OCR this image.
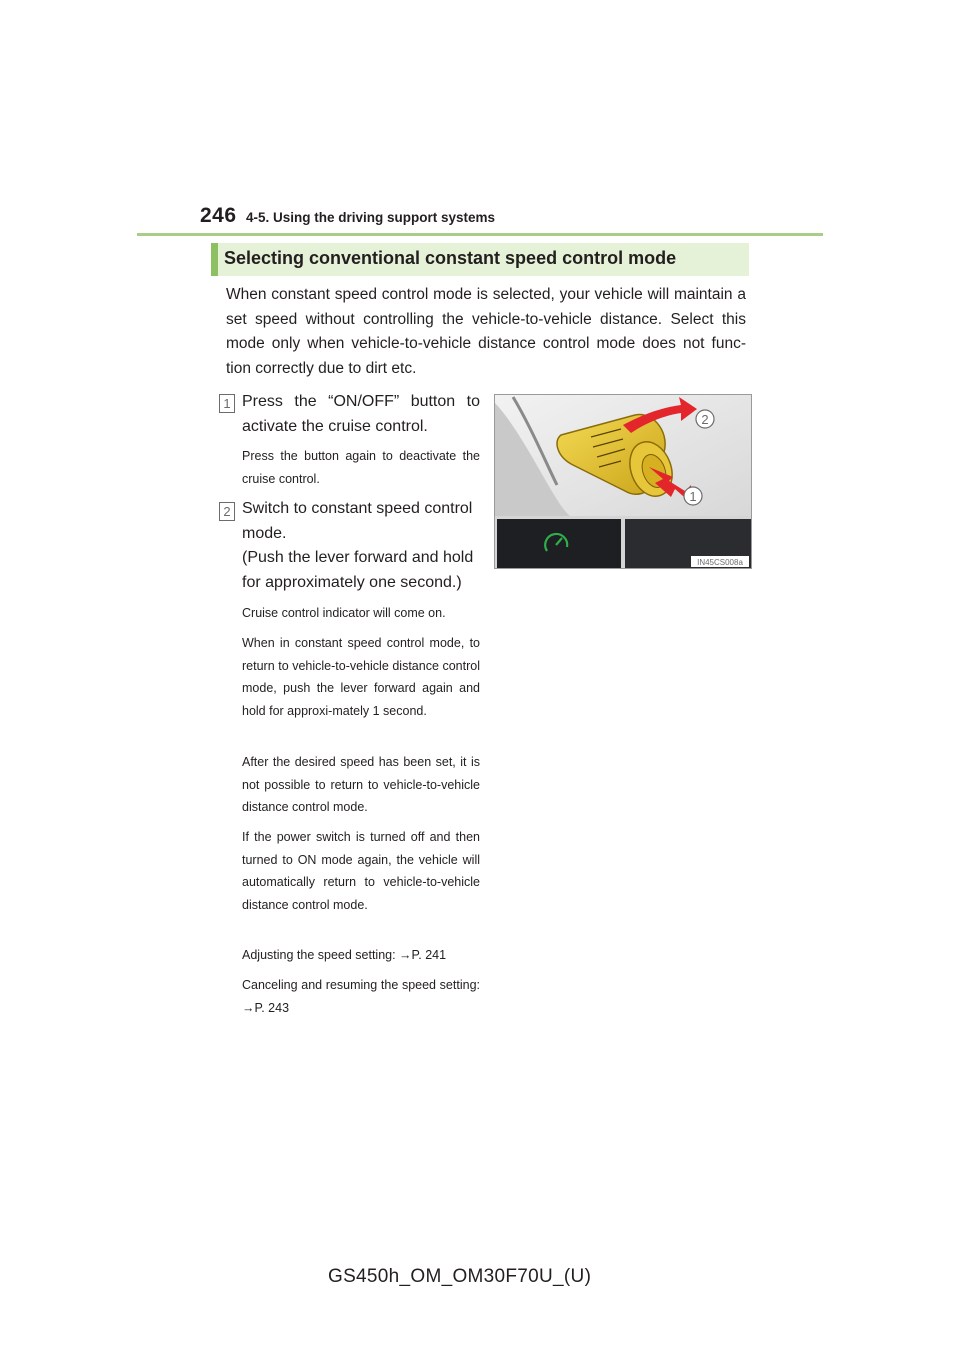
246 4-5. Using the driving support systems
Selecting conventional constant speed control mode
When constant speed control mode is selected, your vehicle will maintain a set speed without controlling the vehicle-to-vehicle distance. Select this mode only when vehicle-to-vehicle distance control mode does not func-tion correctly due to dirt etc.
1 Press the “ON/OFF” button to activate the cruise control.
Press the button again to deactivate the cruise control.
2 Switch to constant speed control mode.
(Push the lever forward and hold for approximately one second.)
Cruise control indicator will come on.
When in constant speed control mode, to return to vehicle-to-vehicle distance control mode, push the lever forward again and hold for approxi-mately 1 second.
After the desired speed has been set, it is not possible to return to vehicle-to-vehicle distance control mode.
If the power switch is turned off and then turned to ON mode again, the vehicle will automatically return to vehicle-to-vehicle distance control mode.
Adjusting the speed setting: →P. 241
Canceling and resuming the speed setting: →P. 243
2
1
IN45CS008a
GS450h_OM_OM30F70U_(U)
